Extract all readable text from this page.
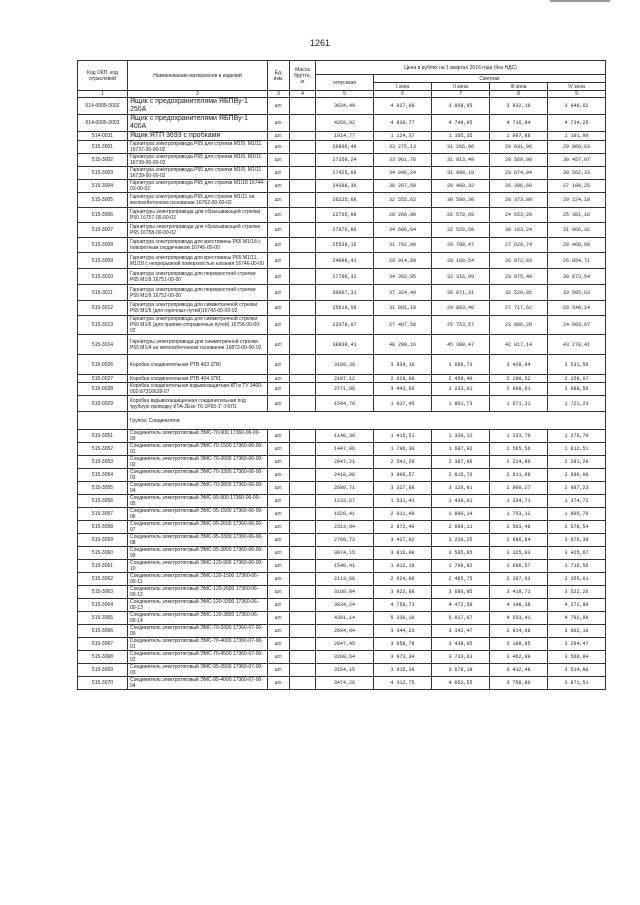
1261
Код ОКП, код отраслевой	Наименование материалов и изделий	Ед. изм.	Масса брутто, кг	Цена в рублях на 1 квартал 2016 года (без НДС)				
				отпускная	Сметная			
					I зона	II зона	III зона	IV зона
1	2	3	4	5	6	7	8	9
514-0005-0002	Ящик с предохранителями ЯБПВу-1 250А	шт.		3634,49	4 027,09	3 958,95	3 932,19	3 946,62
514-0005-0003	Ящик с предохранителями ЯБПВу-1 400А	шт.		4359,92	4 830,77	4 749,05	4 716,94	4 734,25
514-0031	Ящик ЯТП 3693 с пробками	шт.		1014,77	1 124,37	1 105,35	1 097,88	1 101,90
515-3001	Гарнитура электропривода Р65 для стрелки М1/9, М1/11 16737-00-00-02	шт.		26806,46	33 275,13	31 266,96	29 031,96	29 869,63
515-3002	Гарнитура электропривода Р65 для стрелки М1/9, М1/11 16739-00-00-02	шт.		27359,24	33 961,76	31 913,49	29 569,98	30 457,97
515-3003	Гарнитура электропривода Р50 для стрелки М1/9, М1/11 16739-00-00-02	шт.		27425,66	34 046,24	31 990,19	29 674,84	30 562,33
515-3004	Гарнитура электропривода Р65 для стрелки М1/18 16744-03-00-02	шт.		24398,36	30 287,50	28 460,32	26 396,60	27 189,25
515-3005	Гарнитура электропривода Р65 для стрелки М1/11 на железобетонном основании 16762-00-00-02	шт.		26225,68	32 555,62	30 590,30	28 373,80	29 224,18
515-3006	Гарнитуры электропривода для сбрасывающей стрелки Р50 16757-00-00-02	шт.		22765,09	28 260,90	26 578,69	24 653,20	25 381,18
515-3007	Гарнитуры электропривода для сбрасывающей стрелки Р65 16758-00-00-02	шт.		27876,86	34 606,64	32 520,59	30 163,24	31 066,32
515-3008	Гарнитура электропривода для крестовины Р65 М1/18 с поворотным сердечником 16745-00-00	шт.		25538,15	31 702,90	29 790,47	27 629,74	28 460,60
515-3009	Гарнитура электропривода для крестовины Р65 М1/11, М1/18 с непрерывной поверхностью катания 16746-00-00	шт.		24098,41	29 914,89	28 109,54	26 072,03	26 854,71
515-3010	Гарнитура электропривода для перекрестной стрелки Р65 М1/9 16751-00-00	шт.		27706,32	34 392,95	32 316,09	29 975,49	30 873,54
515-3011	Гарнитура электропривода для перекрестной стрелки Р50 М1/9 16752-00-00	шт.		30067,31	37 324,49	35 071,31	32 529,85	33 505,63
515-3012	Гарнитура электропривода для симметричной стрелки Р65 М1/6 (для горочных путей)16743-00-00-02	шт.		25619,56	31 801,10	29 883,40	27 717,62	28 548,14
515-3013	Гарнитура электропривода для симметричной стрелки Р50 М1/6 (для приемо-отправочных путей) 16756-00-00-02	шт.		22078,07	27 407,58	25 753,57	23 886,28	24 603,67
515-3014	Гарнитуры электропривода для симметричной стрелки Р65 М1/4 на железобетонном основании 16873-00-00-02	шт.		38838,41	48 209,16	45 300,47	42 017,14	43 278,41
515-0026	Коробка соединительная РТВ 403 1П/0	шт.		3189,39	3 834,16	3 696,73	3 428,94	3 531,56
515-0027	Коробка соединительная РТВ 404 1П/1	шт.		2187,12	2 628,00	2 459,40	2 290,52	2 359,07
515-0028	Коробка соединительная взрывозащитная КП в ТУ 3400-002-87316639-07	шт.		2771,80	3 443,66	3 233,01	2 998,61	3 088,56
515-0029	Коробка взрывозащищенная соединительная под трубную проводку КТА-2Exe Т6-1Р65-1"-УХЛ1	шт.		1544,70	1 917,45	1 801,73	1 671,21	1 721,23
	Группа: Соединители							
515-3051	Соединитель электротяговый ЭМС-70-900 17360-06-00-00	шт.		1140,30	1 415,51	1 330,12	1 233,70	1 270,70
515-3052	Соединитель электротяговый ЭМС-70-1500 17360-06-00-01	шт.		1447,06	1 796,30	1 687,92	1 565,56	1 612,51
515-3053	Соединитель электротяговый ЭМС-70-2600 17360-06-00-02	шт.		2047,21	2 541,29	2 387,96	2 214,86	2 281,29
515-3054	Соединитель электротяговый ЭМС-70-3300 17360-06-00-03	шт.		2418,08	3 006,57	2 815,76	2 611,68	2 690,00
515-3055	Соединитель электротяговый ЭМС-70-3800 17360-06-00-04	шт.		2680,71	3 327,68	3 126,91	2 900,27	2 987,23
515-3056	Соединитель электротяговый ЭМС-95-900 17360-06-00-05	шт.		1233,67	1 531,41	1 439,01	1 334,71	1 374,72
515-3057	Соединитель электротяговый ЭМС-95-1500 17360-06-00-06	шт.		1620,41	2 011,49	1 890,14	1 753,12	1 805,70
515-3058	Соединитель электротяговый ЭМС-95-2600 17360-06-00-07	шт.		2313,94	2 872,40	2 699,11	2 503,48	2 578,54
515-3059	Соединитель электротяговый ЭМС-95-3300 17360-06-00-08	шт.		2760,73	3 427,02	3 220,25	2 986,84	3 076,39
515-3060	Соединитель электротяговый ЭМС-95-3800 17360-06-00-09	шт.		3074,15	3 816,08	3 585,85	3 325,93	3 425,67
515-3061	Соединитель электротяговый ЭМС-120-900 17360-06-00-10	шт.		1540,41	1 912,18	1 796,82	1 666,57	1 716,56
515-3062	Соединитель электротяговый ЭМС-120-1500 17360-06-00-11	шт.		2113,60	2 624,06	2 465,75	2 287,03	2 355,61
515-3063	Соединитель электротяговый ЭМС-120-2600 17360-06-00-12	шт.		3160,84	3 923,68	3 686,95	3 419,71	3 522,26
515-3064	Соединитель электротяговый ЭМС-120-3300 17360-06-00-13	шт.		3834,24	4 759,73	4 472,58	4 148,38	4 272,80
515-3065	Соединитель электротяговый ЭМС-120-3800 17360-06-00-14	шт.		4301,14	5 339,19	5 017,07	4 653,41	4 792,96
515-3066	Соединитель электротяговый ЭМС-70-3300 17360-07-00-00	шт.		2694,04	3 344,23	3 142,47	2 914,68	3 002,10
515-3067	Соединитель электротяговый ЭМС-70-4000 17360-07-00-01	шт.		2947,45	3 658,79	3 438,05	3 188,85	3 284,47
515-3068	Соединитель электротяговый ЭМС-70-4500 17360-07-00-02	шт.		3200,64	3 973,34	3 733,63	3 462,99	3 566,84
515-3069	Соединитель электротяговый ЭМС-95-3500 17360-07-00-03	шт.		3154,15	3 915,39	3 679,18	3 412,48	3 514,80
515-3070	Соединитель электротяговый ЭМС-95-4000 17360-07-00-04	шт.		3474,26	4 312,75	4 052,55	3 758,80	3 871,51
